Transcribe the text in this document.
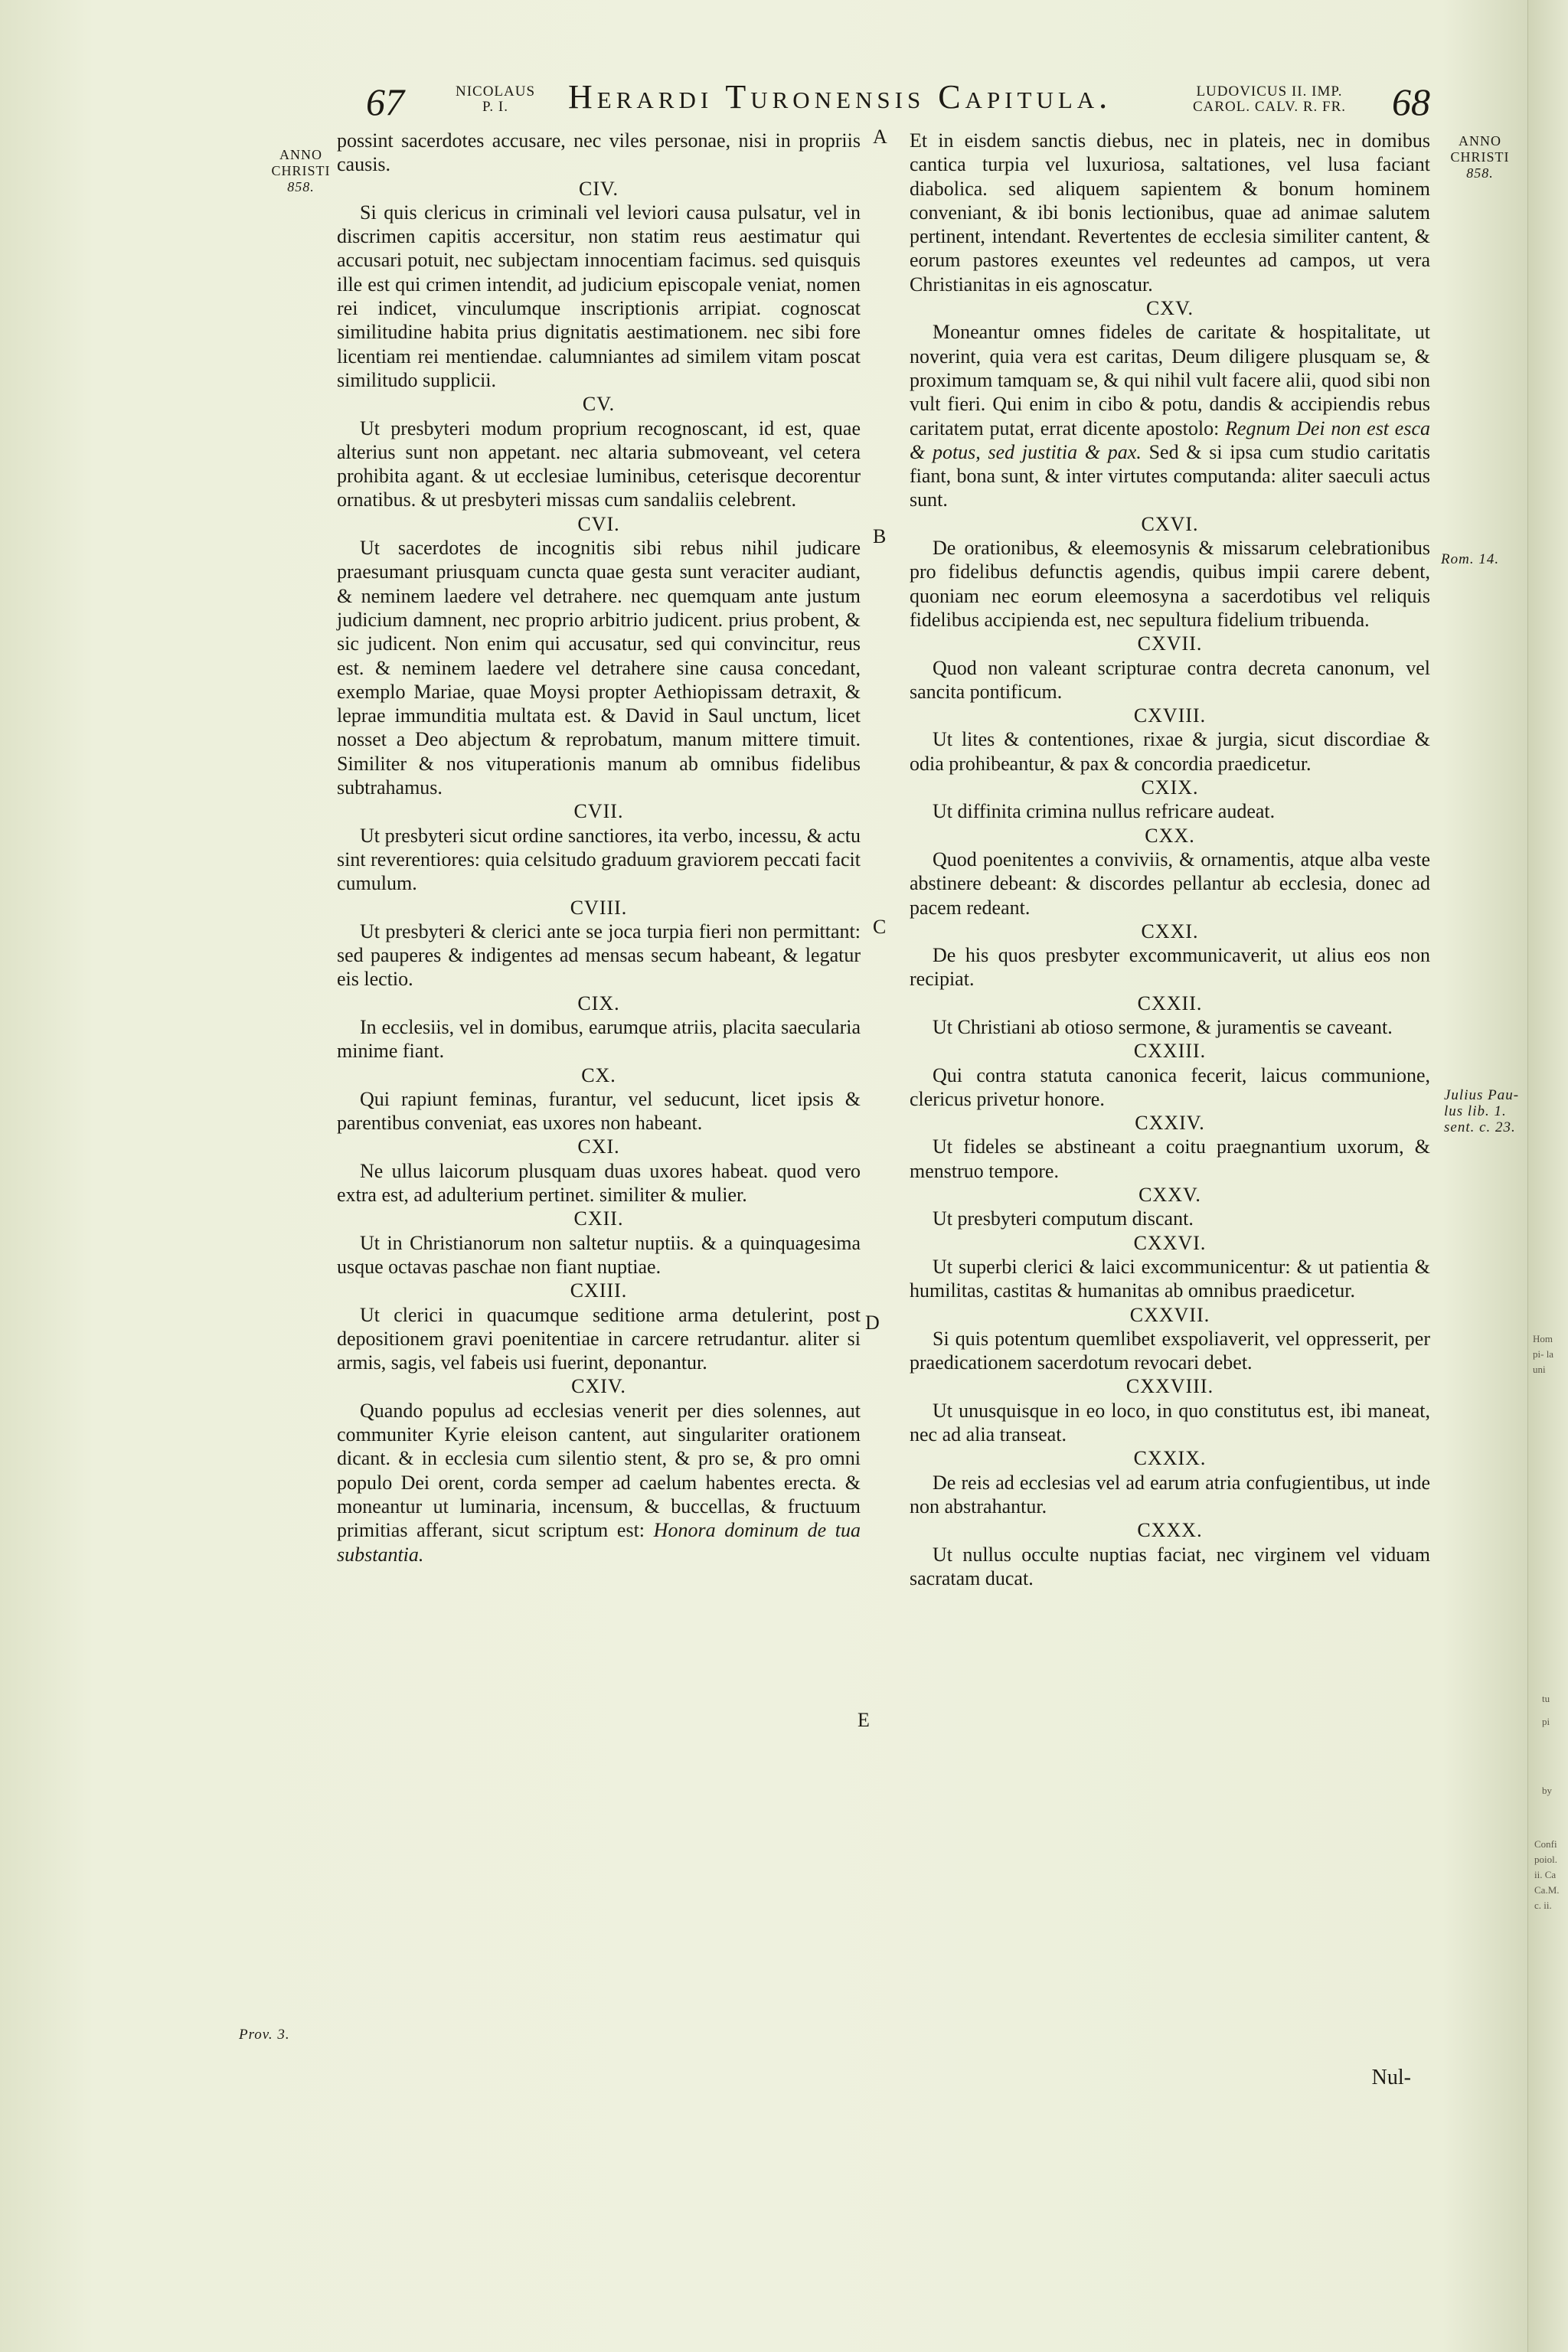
67	NICOLAUS
P. I.	Herardi Turonensis Capitula.	LUDOVICUS II. IMP.
CAROL. CALV. R. FR.	68
ANNO
CHRISTI
858.
Prov. 3.
ANNO
CHRISTI
858.
Rom. 14.
Julius Pau-
lus lib. 1.
sent. c. 23.
A
B
C
D
E

possint sacerdotes accusare, nec viles personae, nisi in propriis causis.

CIV.

Si quis clericus in criminali vel leviori causa pulsatur, vel in discrimen capitis accersitur, non statim reus aestimatur qui accusari potuit, nec subjectam innocentiam facimus. sed quisquis ille est qui crimen intendit, ad judicium episcopale veniat, nomen rei indicet, vinculumque inscriptionis arripiat. cognoscat similitudine habita prius dignitatis aestimationem. nec sibi fore licentiam rei mentiendae. calumniantes ad similem vitam poscat similitudo supplicii.

CV.

Ut presbyteri modum proprium recognoscant, id est, quae alterius sunt non appetant. nec altaria submoveant, vel cetera prohibita agant. & ut ecclesiae luminibus, ceterisque decorentur ornatibus. & ut presbyteri missas cum sandaliis celebrent.

CVI.

Ut sacerdotes de incognitis sibi rebus nihil judicare praesumant priusquam cuncta quae gesta sunt veraciter audiant, & neminem laedere vel detrahere. nec quemquam ante justum judicium damnent, nec proprio arbitrio judicent. prius probent, & sic judicent. Non enim qui accusatur, sed qui convincitur, reus est. & neminem laedere vel detrahere sine causa concedant, exemplo Mariae, quae Moysi propter Aethiopissam detraxit, & leprae immunditia multata est. & David in Saul unctum, licet nosset a Deo abjectum & reprobatum, manum mittere timuit. Similiter & nos vituperationis manum ab omnibus fidelibus subtrahamus.

CVII.

Ut presbyteri sicut ordine sanctiores, ita verbo, incessu, & actu sint reverentiores: quia celsitudo graduum graviorem peccati facit cumulum.

CVIII.

Ut presbyteri & clerici ante se joca turpia fieri non permittant: sed pauperes & indigentes ad mensas secum habeant, & legatur eis lectio.

CIX.

In ecclesiis, vel in domibus, earumque atriis, placita saecularia minime fiant.

CX.

Qui rapiunt feminas, furantur, vel seducunt, licet ipsis & parentibus conveniat, eas uxores non habeant.

CXI.

Ne ullus laicorum plusquam duas uxores habeat. quod vero extra est, ad adulterium pertinet. similiter & mulier.

CXII.

Ut in Christianorum non saltetur nuptiis. & a quinquagesima usque octavas paschae non fiant nuptiae.

CXIII.

Ut clerici in quacumque seditione arma detulerint, post depositionem gravi poenitentiae in carcere retrudantur. aliter si armis, sagis, vel fabeis usi fuerint, deponantur.

CXIV.

Quando populus ad ecclesias venerit per dies solennes, aut communiter Kyrie eleison cantent, aut singulariter orationem dicant. & in ecclesia cum silentio stent, & pro se, & pro omni populo Dei orent, corda semper ad caelum habentes erecta. & moneantur ut luminaria, incensum, & buccellas, & fructuum primitias afferant, sicut scriptum est: Honora dominum de tua substantia.

Et in eisdem sanctis diebus, nec in plateis, nec in domibus cantica turpia vel luxuriosa, saltationes, vel lusa faciant diabolica. sed aliquem sapientem & bonum hominem conveniant, & ibi bonis lectionibus, quae ad animae salutem pertinent, intendant. Revertentes de ecclesia similiter cantent, & eorum pastores exeuntes vel redeuntes ad campos, ut vera Christianitas in eis agnoscatur.

CXV.

Moneantur omnes fideles de caritate & hospitalitate, ut noverint, quia vera est caritas, Deum diligere plusquam se, & proximum tamquam se, & qui nihil vult facere alii, quod sibi non vult fieri. Qui enim in cibo & potu, dandis & accipiendis rebus caritatem putat, errat dicente apostolo: Regnum Dei non est esca & potus, sed justitia & pax. Sed & si ipsa cum studio caritatis fiant, bona sunt, & inter virtutes computanda: aliter saeculi actus sunt.

CXVI.

De orationibus, & eleemosynis & missarum celebrationibus pro fidelibus defunctis agendis, quibus impii carere debent, quoniam nec eorum eleemosyna a sacerdotibus vel reliquis fidelibus accipienda est, nec sepultura fidelium tribuenda.

CXVII.

Quod non valeant scripturae contra decreta canonum, vel sancita pontificum.

CXVIII.

Ut lites & contentiones, rixae & jurgia, sicut discordiae & odia prohibeantur, & pax & concordia praedicetur.

CXIX.

Ut diffinita crimina nullus refricare audeat.

CXX.

Quod poenitentes a conviviis, & ornamentis, atque alba veste abstinere debeant: & discordes pellantur ab ecclesia, donec ad pacem redeant.

CXXI.

De his quos presbyter excommunicaverit, ut alius eos non recipiat.

CXXII.

Ut Christiani ab otioso sermone, & juramentis se caveant.

CXXIII.

Qui contra statuta canonica fecerit, laicus communione, clericus privetur honore.

CXXIV.

Ut fideles se abstineant a coitu praegnantium uxorum, & menstruo tempore.

CXXV.

Ut presbyteri computum discant.

CXXVI.

Ut superbi clerici & laici excommunicentur: & ut patientia & humilitas, castitas & humanitas ab omnibus praedicetur.

CXXVII.

Si quis potentum quemlibet exspoliaverit, vel oppresserit, per praedicationem sacerdotum revocari debet.

CXXVIII.

Ut unusquisque in eo loco, in quo constitutus est, ibi maneat, nec ad alia transeat.

CXXIX.

De reis ad ecclesias vel ad earum atria confugientibus, ut inde non abstrahantur.

CXXX.

Ut nullus occulte nuptias faciat, nec virginem vel viduam sacratam ducat.

Nul-
Hom
pi- la
uni
tu
pi
by
Confi
poiol.
ii. Ca
Ca.M.
c. ii.
